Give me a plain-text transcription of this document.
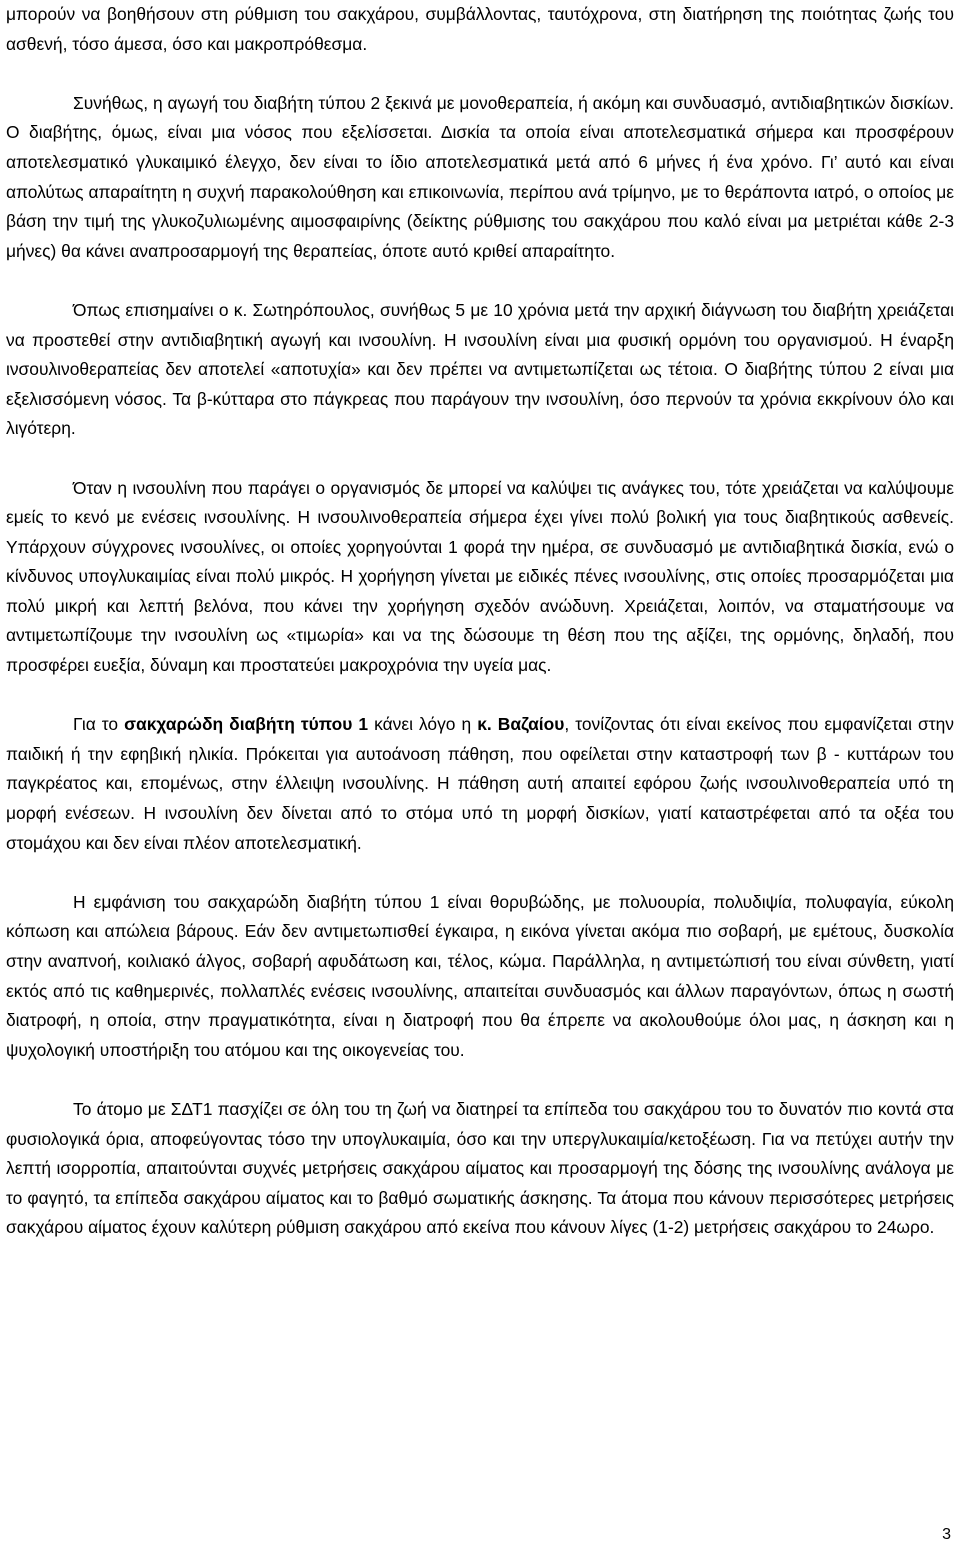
μπορούν να βοηθήσουν στη ρύθμιση του σακχάρου, συμβάλλοντας, ταυτόχρονα, στη διατήρηση της ποιότητας ζωής του ασθενή, τόσο άμεσα, όσο και μακροπρόθεσμα.

Συνήθως, η αγωγή του διαβήτη τύπου 2 ξεκινά με μονοθεραπεία, ή ακόμη και συνδυασμό, αντιδιαβητικών δισκίων. Ο διαβήτης, όμως, είναι μια νόσος που εξελίσσεται. Δισκία τα οποία είναι αποτελεσματικά σήμερα και προσφέρουν αποτελεσματικό γλυκαιμικό έλεγχο, δεν είναι το ίδιο αποτελεσματικά μετά από 6 μήνες ή ένα χρόνο. Γι’ αυτό και είναι απολύτως απαραίτητη η συχνή παρακολούθηση και επικοινωνία, περίπου ανά τρίμηνο, με το θεράποντα ιατρό, ο οποίος με βάση την τιμή της γλυκοζυλιωμένης αιμοσφαιρίνης (δείκτης ρύθμισης του σακχάρου που καλό είναι μα μετριέται κάθε 2-3 μήνες) θα κάνει αναπροσαρμογή της θεραπείας, όποτε αυτό κριθεί απαραίτητο.

Όπως επισημαίνει ο κ. Σωτηρόπουλος, συνήθως 5 με 10 χρόνια μετά την αρχική διάγνωση του διαβήτη χρειάζεται να προστεθεί στην αντιδιαβητική αγωγή και ινσουλίνη. Η ινσουλίνη είναι μια φυσική ορμόνη του οργανισμού. Η έναρξη ινσουλινοθεραπείας δεν αποτελεί «αποτυχία» και δεν πρέπει να αντιμετωπίζεται ως τέτοια. Ο διαβήτης τύπου 2 είναι μια εξελισσόμενη νόσος. Τα β-κύτταρα στο πάγκρεας που παράγουν την ινσουλίνη, όσο περνούν τα χρόνια εκκρίνουν όλο και λιγότερη.

Όταν η ινσουλίνη που παράγει ο οργανισμός δε μπορεί να καλύψει τις ανάγκες του, τότε χρειάζεται να καλύψουμε εμείς το κενό με ενέσεις ινσουλίνης. Η ινσουλινοθεραπεία σήμερα έχει γίνει πολύ βολική για τους διαβητικούς ασθενείς. Υπάρχουν σύγχρονες ινσουλίνες, οι οποίες χορηγούνται 1 φορά την ημέρα, σε συνδυασμό με αντιδιαβητικά δισκία, ενώ ο κίνδυνος υπογλυκαιμίας είναι πολύ μικρός. Η χορήγηση γίνεται με ειδικές πένες ινσουλίνης, στις οποίες προσαρμόζεται μια πολύ μικρή και λεπτή βελόνα, που κάνει την χορήγηση σχεδόν ανώδυνη. Χρειάζεται, λοιπόν, να σταματήσουμε να αντιμετωπίζουμε την ινσουλίνη ως «τιμωρία» και να της δώσουμε τη θέση που της αξίζει, της ορμόνης, δηλαδή, που προσφέρει ευεξία, δύναμη και προστατεύει μακροχρόνια την υγεία μας.

Για το σακχαρώδη διαβήτη τύπου 1 κάνει λόγο η κ. Βαζαίου, τονίζοντας ότι είναι εκείνος που εμφανίζεται στην παιδική ή την εφηβική ηλικία. Πρόκειται για αυτοάνοση πάθηση, που οφείλεται στην καταστροφή των β - κυττάρων του παγκρέατος και, επομένως, στην έλλειψη ινσουλίνης. Η πάθηση αυτή απαιτεί εφόρου ζωής ινσουλινοθεραπεία υπό τη μορφή ενέσεων. Η ινσουλίνη δεν δίνεται από το στόμα υπό τη μορφή δισκίων, γιατί καταστρέφεται από τα οξέα του στομάχου και δεν είναι πλέον αποτελεσματική.

Η εμφάνιση του σακχαρώδη διαβήτη τύπου 1 είναι θορυβώδης, με πολυουρία, πολυδιψία, πολυφαγία, εύκολη κόπωση και απώλεια βάρους. Εάν δεν αντιμετωπισθεί έγκαιρα, η εικόνα γίνεται ακόμα πιο σοβαρή, με εμέτους, δυσκολία στην αναπνοή, κοιλιακό άλγος, σοβαρή αφυδάτωση και, τέλος, κώμα. Παράλληλα, η αντιμετώπισή του είναι σύνθετη, γιατί εκτός από τις καθημερινές, πολλαπλές ενέσεις ινσουλίνης, απαιτείται συνδυασμός και άλλων παραγόντων, όπως η σωστή διατροφή, η οποία, στην πραγματικότητα, είναι η διατροφή που θα έπρεπε να ακολουθούμε όλοι μας, η άσκηση και η ψυχολογική υποστήριξη του ατόμου και της οικογενείας του.

Το άτομο με ΣΔΤ1 πασχίζει σε όλη του τη ζωή να διατηρεί τα επίπεδα του σακχάρου του το δυνατόν πιο κοντά στα φυσιολογικά όρια, αποφεύγοντας τόσο την υπογλυκαιμία, όσο και την υπεργλυκαιμία/κετοξέωση. Για να πετύχει αυτήν την λεπτή ισορροπία, απαιτούνται συχνές μετρήσεις σακχάρου αίματος και προσαρμογή της δόσης της ινσουλίνης ανάλογα με το φαγητό, τα επίπεδα σακχάρου αίματος και το βαθμό σωματικής άσκησης. Τα άτομα που κάνουν περισσότερες μετρήσεις σακχάρου αίματος έχουν καλύτερη ρύθμιση σακχάρου από εκείνα που κάνουν λίγες (1-2) μετρήσεις σακχάρου το 24ωρο.

3
